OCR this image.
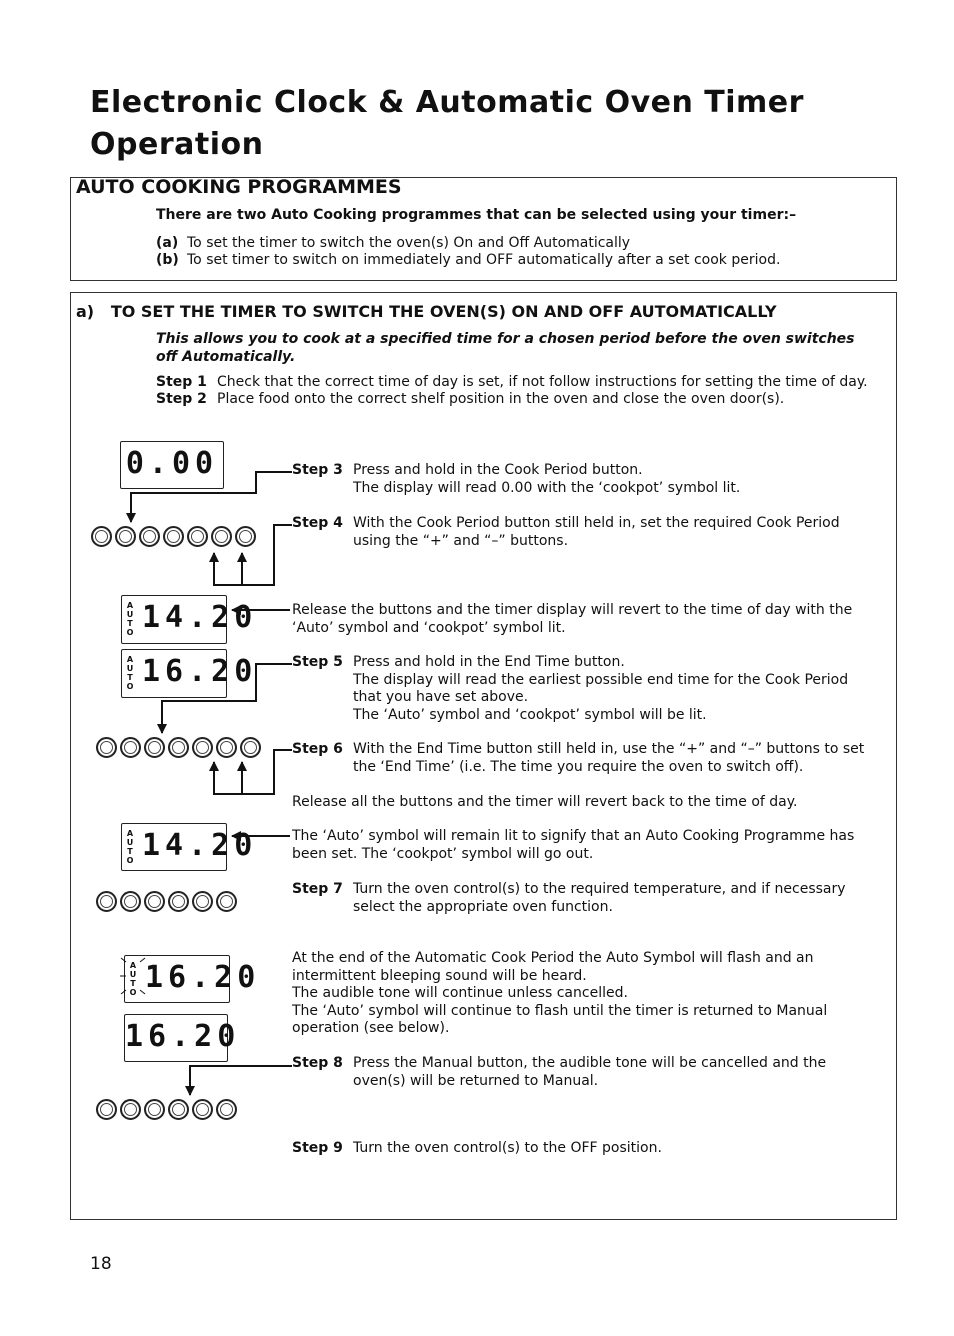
Electronic Clock & Automatic Oven Timer Operation
AUTO COOKING PROGRAMMES
There are two Auto Cooking programmes that can be selected using your timer:–
(a) To set the timer to switch the oven(s) On and Off Automatically
(b) To set timer to switch on immediately and OFF automatically after a set cook period.
a)   TO SET THE TIMER TO SWITCH THE OVEN(S) ON AND OFF AUTOMATICALLY
This allows you to cook at a specified time for a chosen period before the oven switches off Automatically.
Step 1 Check that the correct time of day is set, if not follow instructions for setting the time of day.
Step 2 Place food onto the correct shelf position in the oven and close the oven door(s).
Step 3 Press and hold in the Cook Period button.
The display will read 0.00 with the ‘cookpot’ symbol lit.
Step 4 With the Cook Period button still held in, set the required Cook Period using the “+” and “–” buttons.
Release the buttons and the timer display will revert to the time of day with the ‘Auto’ symbol and ‘cookpot’ symbol lit.
Step 5 Press and hold in the End Time button.
The display will read the earliest possible end time for the Cook Period that you have set above.
The ‘Auto’ symbol and ‘cookpot’ symbol will be lit.
Step 6 With the End Time button still held in, use the “+” and “–” buttons to set the ‘End Time’ (i.e. The time you require the oven to switch off).
Release all the buttons and the timer will revert back to the time of day.
The ‘Auto’ symbol will remain lit to signify that an Auto Cooking Programme has been set. The ‘cookpot’ symbol will go out.
Step 7 Turn the oven control(s) to the required temperature, and if necessary select the appropriate oven function.
At the end of the Automatic Cook Period the Auto Symbol will flash and an intermittent bleeping sound will be heard.
The audible tone will continue unless cancelled.
The ‘Auto’ symbol will continue to flash until the timer is returned to Manual operation (see below).
Step 8 Press the Manual button, the audible tone will be cancelled and the oven(s) will be returned to Manual.
Step 9 Turn the oven control(s) to the OFF position.
0.00
A
U
T
O 14.20
A
U
T
O 16.20
A
U
T
O 14.20
A
U
T
O 16.20
16.20
18
